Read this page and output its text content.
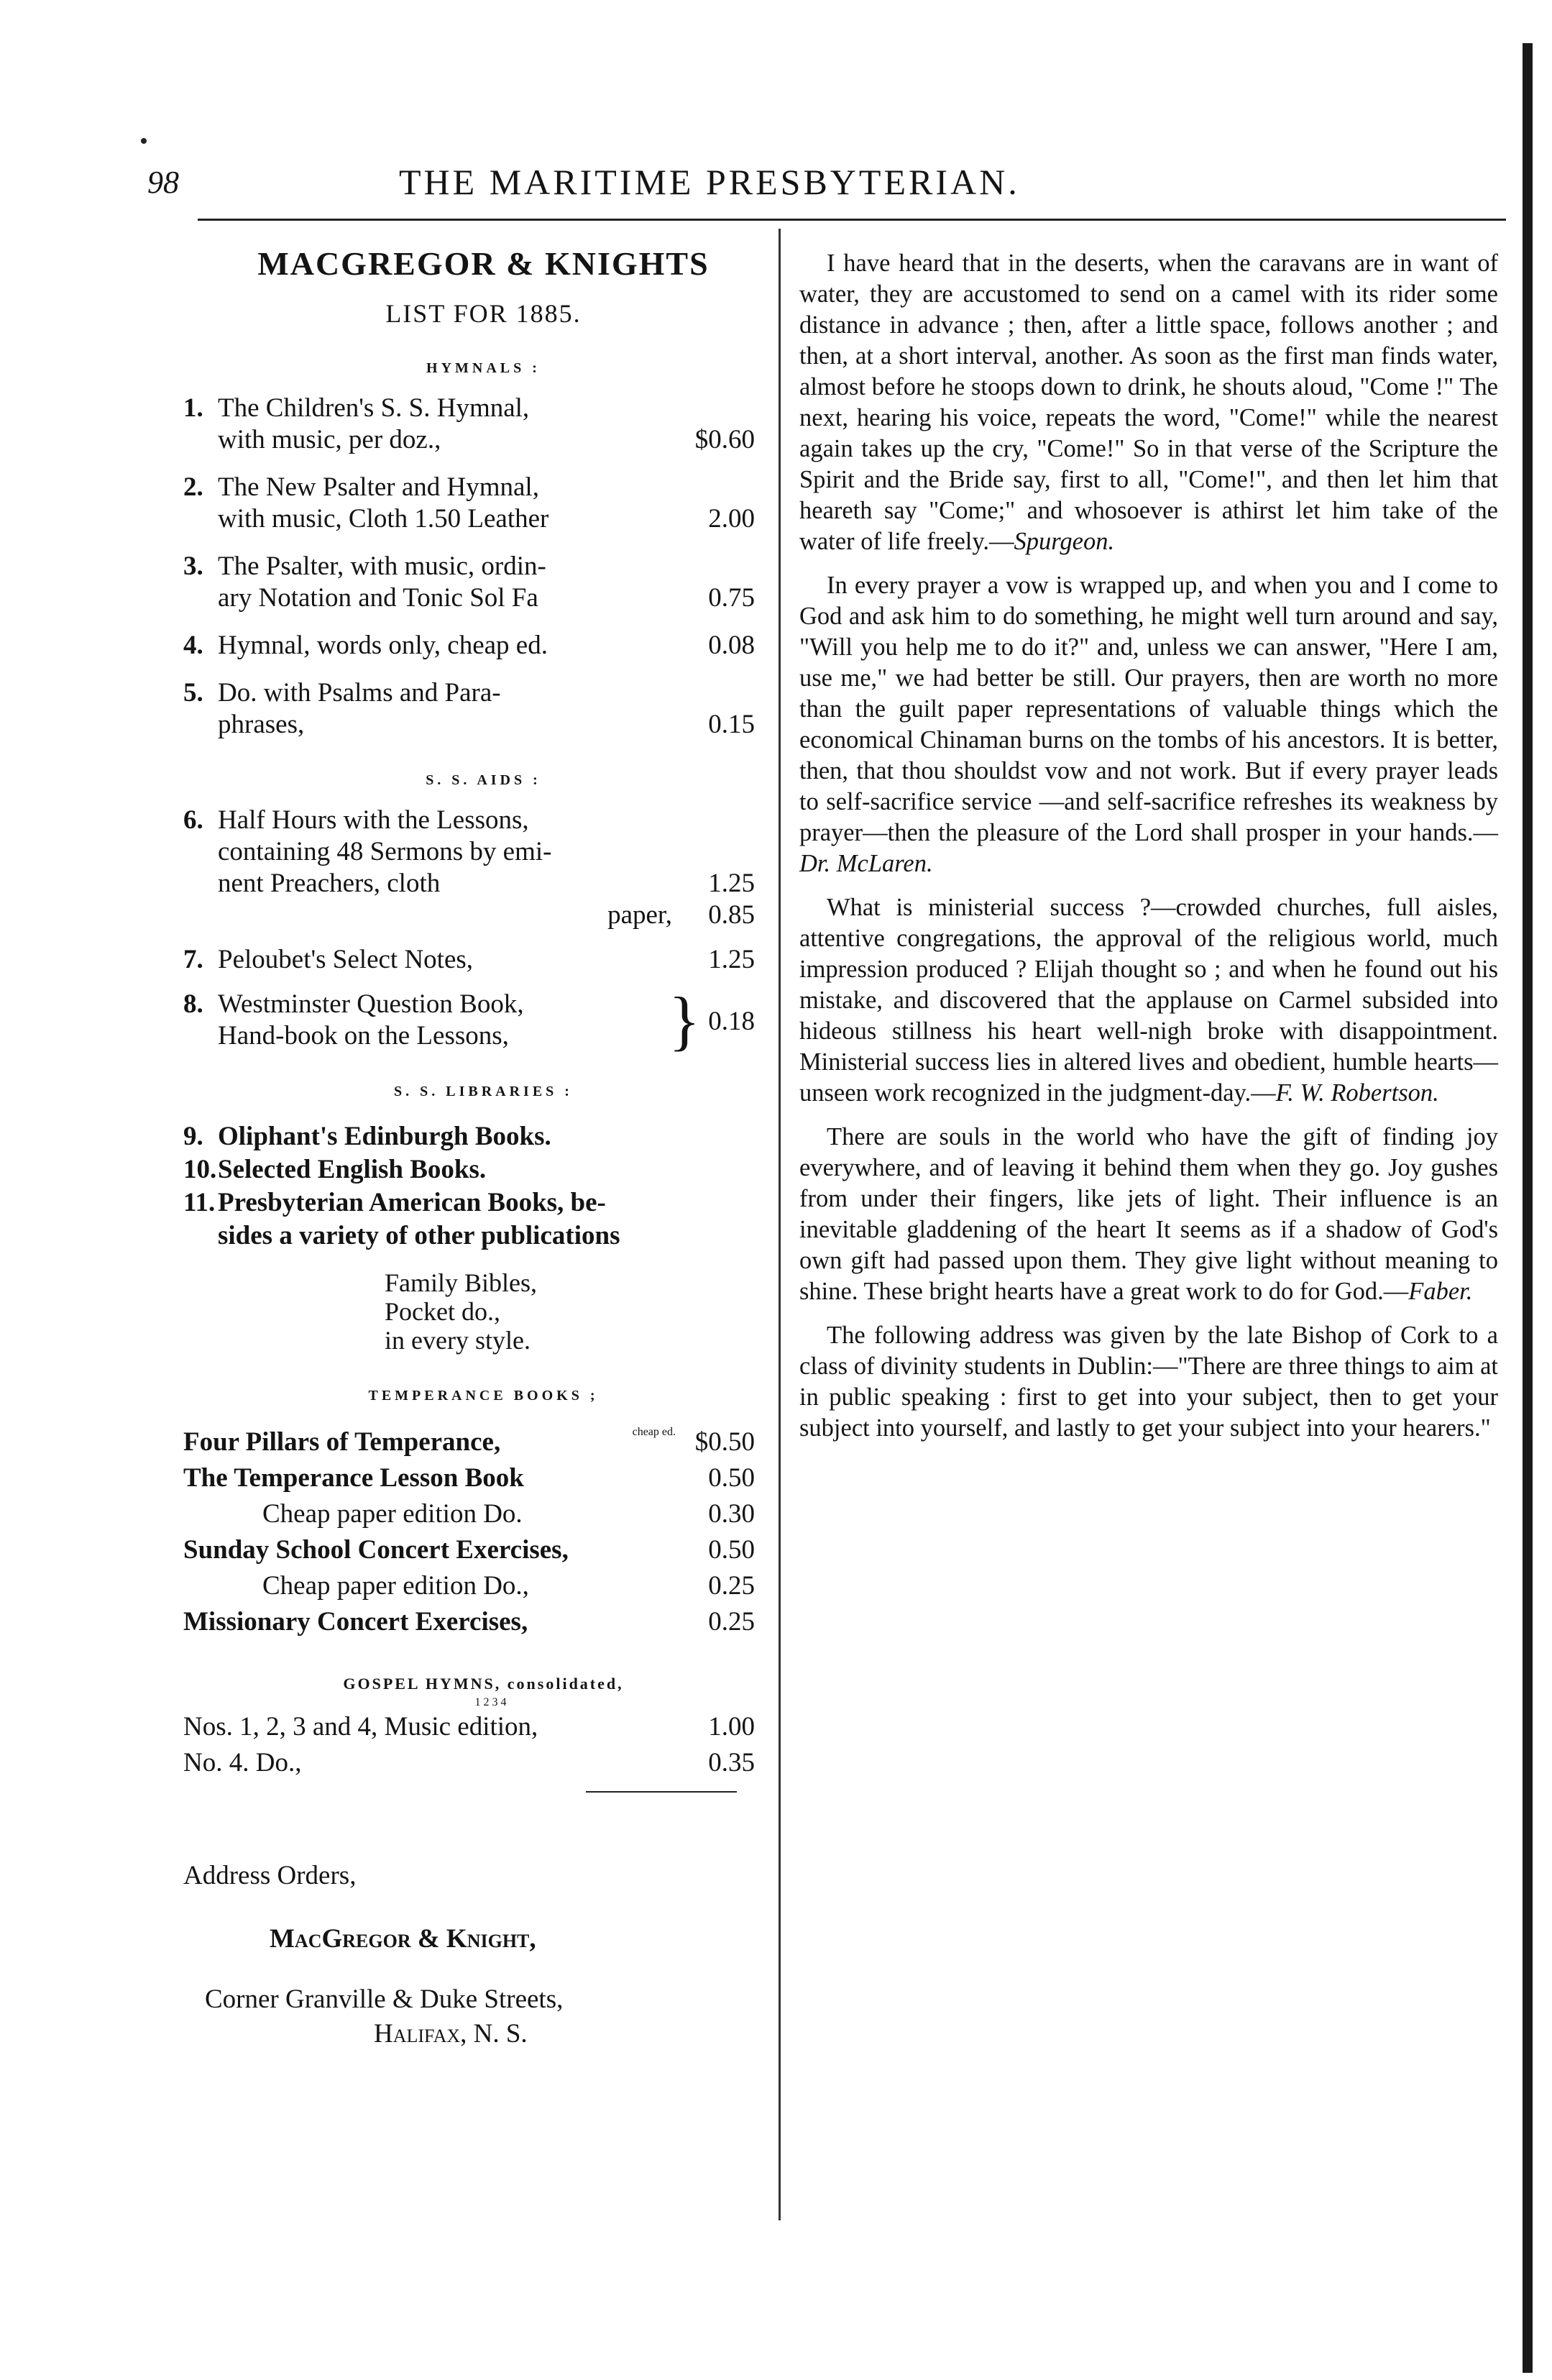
98	THE MARITIME PRESBYTERIAN.
MACGREGOR & KNIGHTS
LIST FOR 1885.
HYMNALS :
1. The Children's S. S. Hymnal,
with music, per doz.,	$0.60
2. The New Psalter and Hymnal,
with music, Cloth 1.50 Leather	2.00
3. The Psalter, with music, ordin-
ary Notation and Tonic Sol Fa	0.75
4. Hymnal, words only, cheap ed.	0.08
5. Do. with Psalms and Para-
phrases,	0.15
S. S. AIDS :
6. Half Hours with the Lessons,
containing 48 Sermons by emi-
nent Preachers, cloth	1.25
paper,	0.85
7. Peloubet's Select Notes,	1.25
8. Westminster Question Book,
Hand-book on the Lessons,	} 0.18
S. S. LIBRARIES :
9. Oliphant's Edinburgh Books.
10. Selected English Books.
11. Presbyterian American Books, be-
sides a variety of other publications
Family Bibles,
Pocket do.,
in every style.
TEMPERANCE BOOKS ;
cheap ed.
Four Pillars of Temperance,	$0.50
The Temperance Lesson Book	0.50
Cheap paper edition Do.	0.30
Sunday School Concert Exercises,	0.50
Cheap paper edition Do.,	0.25
Missionary Concert Exercises,	0.25
GOSPEL HYMNS, consolidated,
1 2 3 4
Nos. 1, 2, 3 and 4, Music edition,	1.00
No. 4. Do.,	0.35
Address Orders,
MacGregor & Knight,
Corner Granville & Duke Streets,
Halifax, N. S.

I have heard that in the deserts, when the caravans are in want of water, they are accustomed to send on a camel with its rider some distance in advance ; then, after a little space, follows another ; and then, at a short interval, another. As soon as the first man finds water, almost before he stoops down to drink, he shouts aloud, "Come !" The next, hearing his voice, repeats the word, "Come!" while the nearest again takes up the cry, "Come!" So in that verse of the Scripture the Spirit and the Bride say, first to all, "Come!", and then let him that heareth say "Come;" and whosoever is athirst let him take of the water of life freely.—Spurgeon.

In every prayer a vow is wrapped up, and when you and I come to God and ask him to do something, he might well turn around and say, "Will you help me to do it?" and, unless we can answer, "Here I am, use me," we had better be still. Our prayers, then are worth no more than the guilt paper representations of valuable things which the economical Chinaman burns on the tombs of his ancestors. It is better, then, that thou shouldst vow and not work. But if every prayer leads to self-sacrifice service —and self-sacrifice refreshes its weakness by prayer—then the pleasure of the Lord shall prosper in your hands.—Dr. McLaren.

What is ministerial success ?—crowded churches, full aisles, attentive congregations, the approval of the religious world, much impression produced ? Elijah thought so ; and when he found out his mistake, and discovered that the applause on Carmel subsided into hideous stillness his heart well-nigh broke with disappointment. Ministerial success lies in altered lives and obedient, humble hearts—unseen work recognized in the judgment-day.—F. W. Robertson.

There are souls in the world who have the gift of finding joy everywhere, and of leaving it behind them when they go. Joy gushes from under their fingers, like jets of light. Their influence is an inevitable gladdening of the heart It seems as if a shadow of God's own gift had passed upon them. They give light without meaning to shine. These bright hearts have a great work to do for God.—Faber.

The following address was given by the late Bishop of Cork to a class of divinity students in Dublin:—"There are three things to aim at in public speaking : first to get into your subject, then to get your subject into yourself, and lastly to get your subject into your hearers."
